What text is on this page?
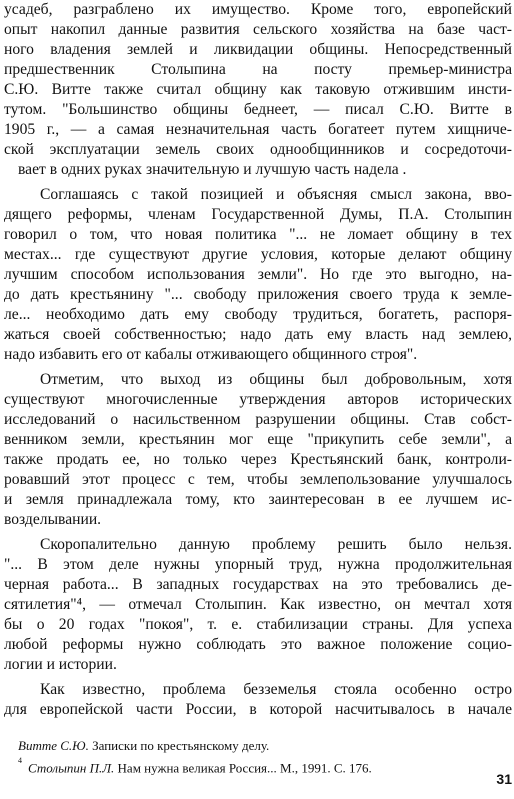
усадеб, разграблено их имущество. Кроме того, европейский
опыт накопил данные развития сельского хозяйства на базе част-
ного владения землей и ликвидации общины. Непосредственный
предшественник Столыпина на посту премьер-министра
С.Ю. Витте также считал общину как таковую отжившим инсти-
тутом. "Большинство общины беднеет, — писал С.Ю. Витте в
1905 г., — а самая незначительная часть богатеет путем хищниче-
ской эксплуатации земель своих однообщинников и сосредоточи-
вает в одних руках значительную и лучшую часть надела .
Соглашаясь с такой позицией и объясняя смысл закона, вво-
дящего реформы, членам Государственной Думы, П.А. Столыпин
говорил о том, что новая политика "... не ломает общину в тех
местах... где существуют другие условия, которые делают общину
лучшим способом использования земли". Но где это выгодно, на-
до дать крестьянину "... свободу приложения своего труда к земле-
ле... необходимо дать ему свободу трудиться, богатеть, распоря-
жаться своей собственностью; надо дать ему власть над землею,
надо избавить его от кабалы отживающего общинного строя".
Отметим, что выход из общины был добровольным, хотя
существуют многочисленные утверждения авторов исторических
исследований о насильственном разрушении общины. Став собст-
венником земли, крестьянин мог еще "прикупить себе земли", а
также продать ее, но только через Крестьянский банк, контроли-
ровавший этот процесс с тем, чтобы землепользование улучшалось
и земля принадлежала тому, кто заинтересован в ее лучшем ис-
возделывании.
Скоропалительно данную проблему решить было нельзя.
"... В этом деле нужны упорный труд, нужна продолжительная
черная работа... В западных государствах на это требовались де-
сятилетия"⁴, — отмечал Столыпин. Как известно, он мечтал хотя
бы о 20 годах "покоя", т. е. стабилизации страны. Для успеха
любой реформы нужно соблюдать это важное положение социо-
логии и истории.
Как известно, проблема безземелья стояла особенно остро
для европейской части России, в которой насчитывалось в начале
Витте С.Ю. Записки по крестьянскому делу.
$^4$ Столыпин П.Л. Нам нужна великая Россия... М., 1991. С. 176.
31
